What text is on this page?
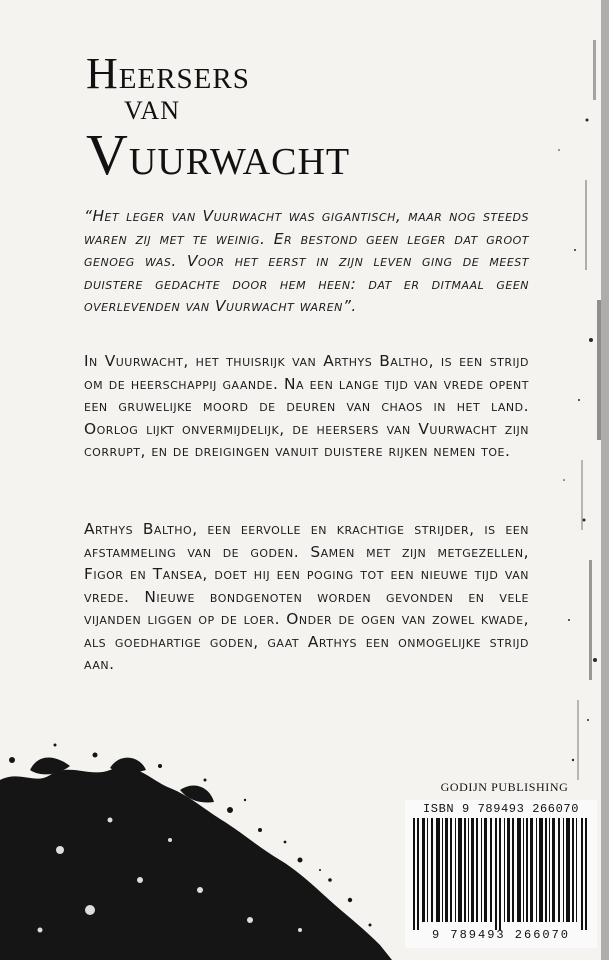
HEERSERS
VAN
VUURWACHT

“Het leger van Vuurwacht was gigantisch, maar nog steeds waren zij met te weinig. Er bestond geen leger dat groot genoeg was. Voor het eerst in zijn leven ging de meest duistere gedachte door hem heen: dat er ditmaal geen overlevenden van Vuurwacht waren”.

In Vuurwacht, het thuisrijk van Arthys Baltho, is een strijd om de heerschappij gaande. Na een lange tijd van vrede opent een gruwelijke moord de deuren van chaos in het land. Oorlog lijkt onvermijdelijk, de heersers van Vuurwacht zijn corrupt, en de dreigingen vanuit duistere rijken nemen toe.

Arthys Baltho, een eervolle en krachtige strijder, is een afstammeling van de goden. Samen met zijn metgezellen, Figor en Tansea, doet hij een poging tot een nieuwe tijd van vrede. Nieuwe bondgenoten worden gevonden en vele vijanden liggen op de loer. Onder de ogen van zowel kwade, als goedhartige goden, gaat Arthys een onmogelijke strijd aan.

GODIJN PUBLISHING
ISBN 9 789493 266070
9 789493 266070
